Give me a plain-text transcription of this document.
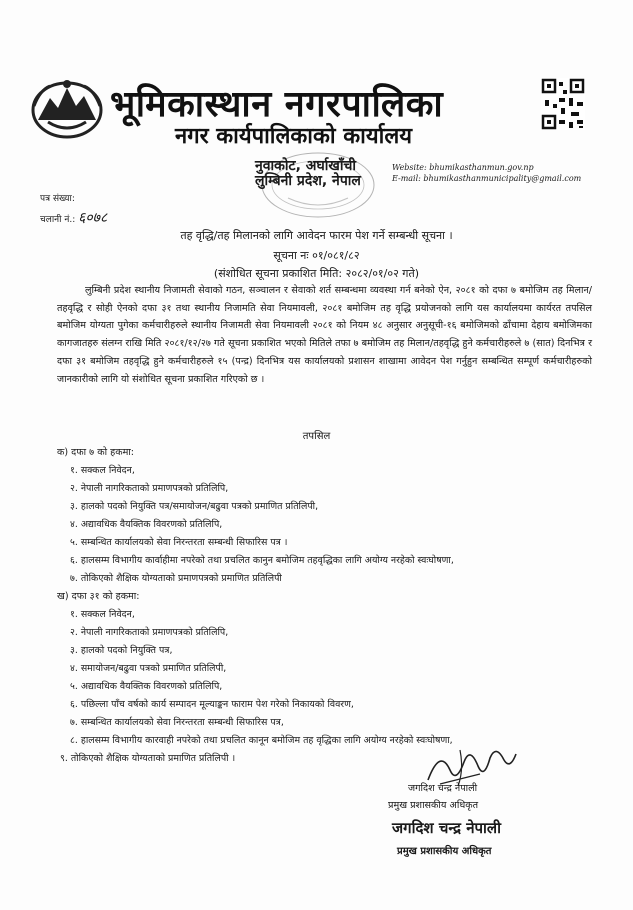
भूमिकास्थान नगरपालिका
नगर कार्यपालिकाको कार्यालय
नुवाकोट, अर्घाखाँची
लुम्बिनी प्रदेश, नेपाल
Website: bhumikasthanmun.gov.np
E-mail: bhumikasthanmunicipality@gmail.com
पत्र संख्या:
चलानी नं.: ६०७८
तह वृद्धि/तह मिलानको लागि आवेदन फारम पेश गर्ने सम्बन्धी सूचना ।
सूचना नः ०१/०८१/८२
(संशोधित सूचना प्रकाशित मिति: २०८२/०१/०२ गते)
लुम्बिनी प्रदेश स्थानीय निजामती सेवाको गठन, सञ्चालन र सेवाको शर्त सम्बन्धमा व्यवस्था गर्न बनेको ऐन, २०८१ को दफा ७ बमोजिम तह मिलान/तहवृद्धि र सोही ऐनको दफा ३१ तथा स्थानीय निजामति सेवा नियमावली, २०८१ बमोजिम तह वृद्धि प्रयोजनको लागि यस कार्यालयमा कार्यरत तपसिल बमोजिम योग्यता पुगेका कर्मचारीहरुले स्थानीय निजामती सेवा नियमावली २०८१ को नियम ४८ अनुसार अनुसूची-१६ बमोजिमको ढाँचामा देहाय बमोजिमका कागजातहरु संलग्न राखि मिति २०८१/१२/२७ गते सूचना प्रकाशित भएको मितिले तफा ७ बमोजिम तह मिलान/तहवृद्धि हुने कर्मचारीहरुले ७ (सात) दिनभित्र र दफा ३१ बमोजिम तहवृद्धि हुने कर्मचारीहरुले १५ (पन्द्र) दिनभित्र यस कार्यालयको प्रशासन शाखामा आवेदन पेश गर्नुहुन सम्बन्धित सम्पूर्ण कर्मचारीहरुको जानकारीको लागि यो संशोधित सूचना प्रकाशित गरिएको छ ।
तपसिल
क) दफा ७ को हकमा:
१. सक्कल निवेदन,
२. नेपाली नागरिकताको प्रमाणपत्रको प्रतिलिपि,
३. हालको पदको नियुक्ति पत्र/समायोजन/बढुवा पत्रको प्रमाणित प्रतिलिपी,
४. अद्यावधिक वैयक्तिक विवरणको प्रतिलिपि,
५. सम्बन्धित कार्यालयको सेवा निरन्तरता सम्बन्धी सिफारिस पत्र ।
६. हालसम्म विभागीय कार्वाहीमा नपरेको तथा प्रचलित कानुन बमोजिम तहवृद्धिका लागि अयोग्य नरहेको स्वःघोषणा,
७. तोकिएको शैक्षिक योग्यताको प्रमाणपत्रको प्रमाणित प्रतिलिपी
ख) दफा ३१ को हकमा:
१. सक्कल निवेदन,
२. नेपाली नागरिकताको प्रमाणपत्रको प्रतिलिपि,
३. हालको पदको नियुक्ति पत्र,
४. समायोजन/बढुवा पत्रको प्रमाणित प्रतिलिपी,
५. अद्यावधिक वैयक्तिक विवरणको प्रतिलिपि,
६. पछिल्ला पाँच वर्षको कार्य सम्पादन मूल्याङ्कन फाराम पेश गरेको निकायको विवरण,
७. सम्बन्धित कार्यालयको सेवा निरन्तरता सम्बन्धी सिफारिस पत्र,
८. हालसम्म विभागीय कारवाही नपरेको तथा प्रचलित कानून बमोजिम तह वृद्धिका लागि अयोग्य नरहेको स्वःघोषणा,
९. तोकिएको शैक्षिक योग्यताको प्रमाणित प्रतिलिपी ।
जगदिश चन्द्र नेपाली
प्रमुख प्रशासकीय अधिकृत
जगदिश चन्द्र नेपाली
प्रमुख प्रशासकीय अधिकृत
